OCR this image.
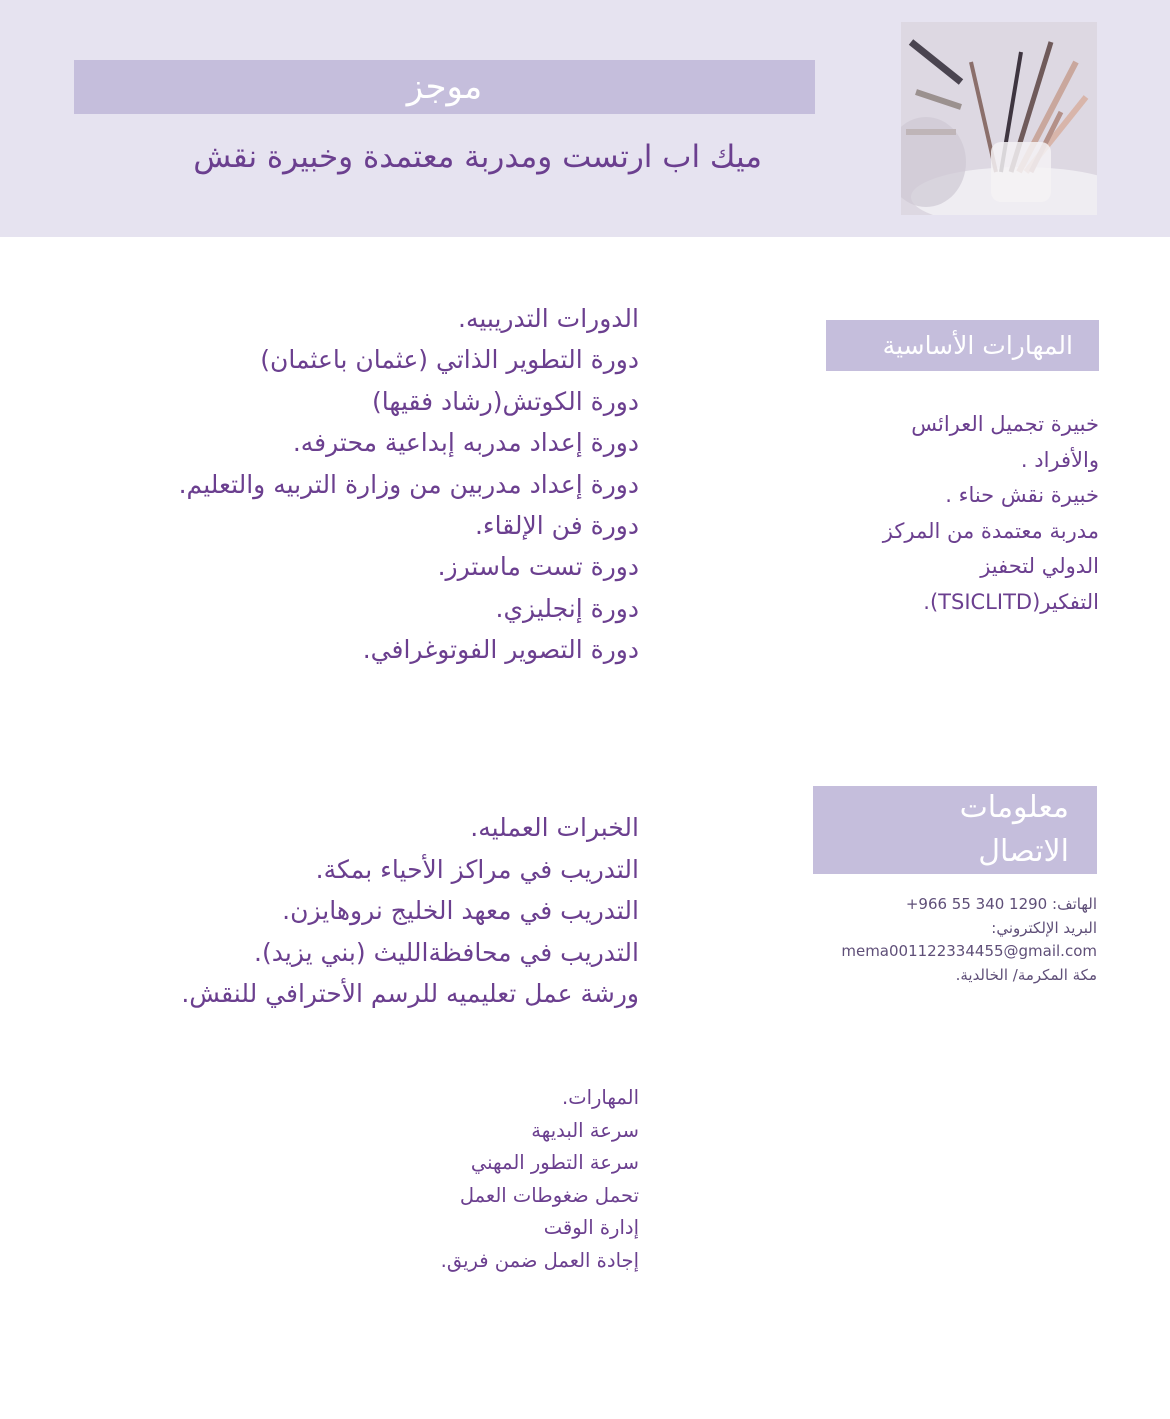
موجز
ميك اب ارتست ومدربة معتمدة وخبيرة نقش
المهارات الأساسية
خبيرة تجميل العرائس
والأفراد .
خبيرة نقش حناء .
مدربة معتمدة من المركز
الدولي لتحفيز
التفكير(TSICLITD).
معلومات
الاتصال
الهاتف: +966 55 340 1290
البريد الإلكتروني:
mema001122334455@gmail.com
مكة المكرمة/ الخالدية.
الدورات التدريبيه.
دورة التطوير الذاتي (عثمان باعثمان)
دورة الكوتش(رشاد فقيها)
دورة إعداد مدربه إبداعية محترفه.
دورة إعداد مدربين من وزارة التربيه والتعليم.
دورة فن الإلقاء.
دورة تست ماسترز.
دورة إنجليزي.
دورة التصوير الفوتوغرافي.
الخبرات العمليه.
التدريب في مراكز الأحياء بمكة.
التدريب في معهد الخليج نروهايزن.
التدريب في محافظةالليث (بني يزيد).
ورشة عمل تعليميه للرسم الأحترافي للنقش.
المهارات.
سرعة البديهة
سرعة التطور المهني
تحمل ضغوطات العمل
إدارة الوقت
إجادة العمل ضمن فريق.
